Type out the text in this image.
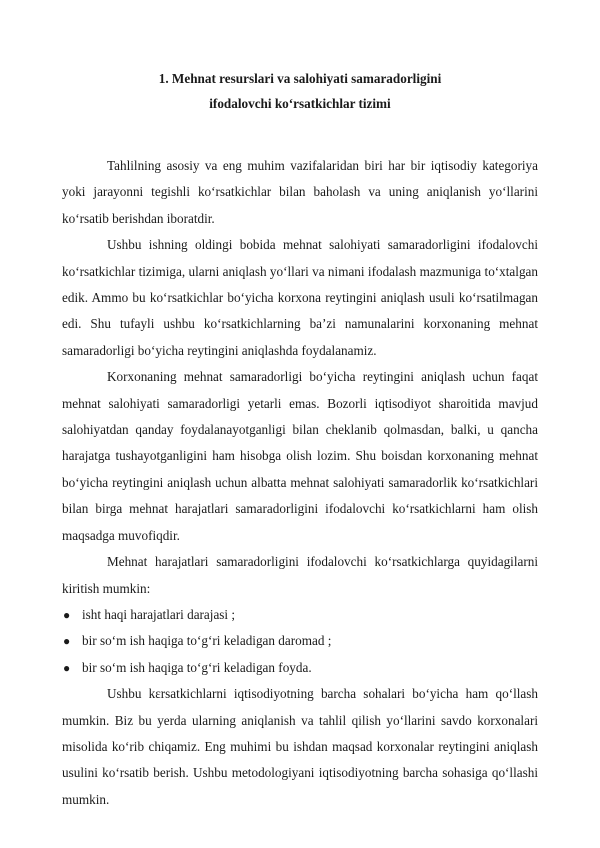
1. Mehnat resurslari va salohiyati samaradorligini

ifodalovchi ko‘rsatkichlar tizimi

Tahlilning asosiy va eng muhim vazifalaridan biri har bir iqtisodiy kategoriya yoki jarayonni tegishli ko‘rsatkichlar bilan baholash va uning aniqlanish yo‘llarini ko‘rsatib berishdan iboratdir.

Ushbu ishning oldingi bobida mehnat salohiyati samaradorligini ifodalovchi ko‘rsatkichlar tizimiga, ularni aniqlash yo‘llari va nimani ifodalash mazmuniga to‘xtalgan edik. Ammo bu ko‘rsatkichlar bo‘yicha korxona reytingini aniqlash usuli ko‘rsatilmagan edi. Shu tufayli ushbu ko‘rsatkichlarning ba’zi namunalarini korxonaning mehnat samaradorligi bo‘yicha reytingini aniqlashda foydalanamiz.

Korxonaning mehnat samaradorligi bo‘yicha reytingini aniqlash uchun faqat mehnat salohiyati samaradorligi yetarli emas. Bozorli iqtisodiyot sharoitida mavjud salohiyatdan qanday foydalanayotganligi bilan cheklanib qolmasdan, balki, u qancha harajatga tushayotganligini ham hisobga olish lozim. Shu boisdan korxonaning mehnat bo‘yicha reytingini aniqlash uchun albatta mehnat salohiyati samaradorlik ko‘rsatkichlari bilan birga mehnat harajatlari samaradorligini ifodalovchi ko‘rsatkichlarni ham olish maqsadga muvofiqdir.

Mehnat harajatlari samaradorligini ifodalovchi ko‘rsatkichlarga quyidagilarni kiritish mumkin:

● isht haqi harajatlari darajasi ;
● bir so‘m ish haqiga to‘g‘ri keladigan daromad ;
● bir so‘m ish haqiga to‘g‘ri keladigan foyda.

Ushbu kεrsatkichlarni iqtisodiyotning barcha sohalari bo‘yicha ham qo‘llash mumkin. Biz bu yerda ularning aniqlanish va tahlil qilish yo‘llarini savdo korxonalari misolida ko‘rib chiqamiz. Eng muhimi bu ishdan maqsad korxonalar reytingini aniqlash usulini ko‘rsatib berish. Ushbu metodologiyani iqtisodiyotning barcha sohasiga qo‘llashi mumkin.
